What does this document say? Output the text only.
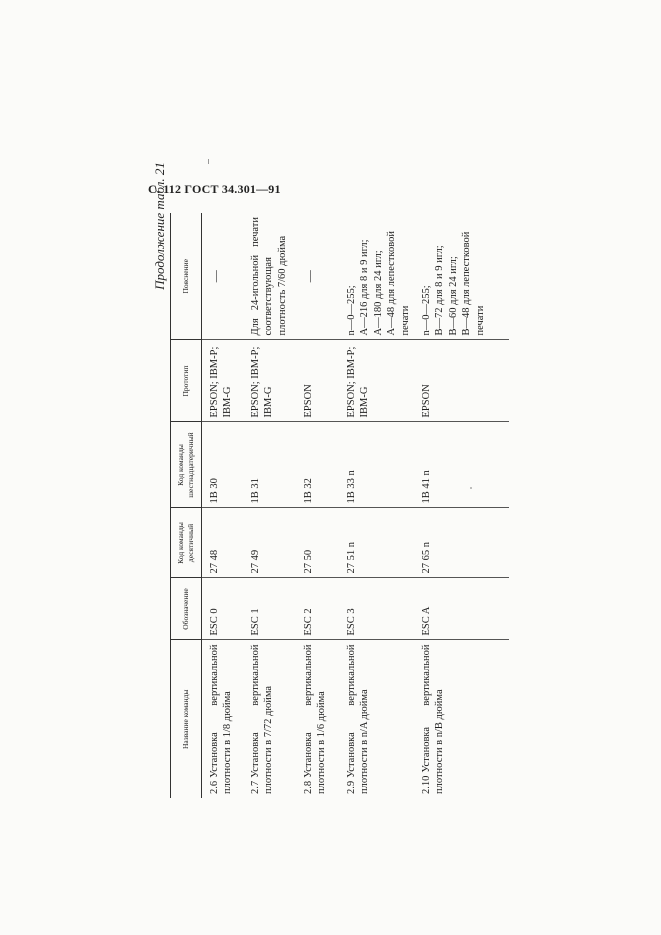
С. 112 ГОСТ 34.301—91
Продолжение табл. 21
Название команды	Обозначение	Код команды десятичный	Код команды шестнадцатеричный	Прототип	Пояснение
2.6Установка вертикальной плотности в 1/8 дюйма	ESC 0	27 48	1B 30	EPSON; IBM-P; IBM-G	—

2.7Установка вертикальной плотности в 7/72 дюйма	ESC 1	27 49	1B 31	EPSON; IBM-P; IBM-G	Для 24-игольной печати соответствующая плотность 7/60 дюйма
2.8Установка вертикальной плотности в 1/6 дюйма	ESC 2	27 50	1B 32	EPSON	—

2.9Установка вертикальной плотности в n/A дюйма	ESC 3	27 51 n	1B 33 n	EPSON; IBM-P; IBM-G	n—0—255; A—216 для 8 и 9 игл; A—180 для 24 игл; A—48 для лепестковой печати

2.10Установка вертикальной плотности в n/B дюйма	ESC A	27 65 n	1B 41 n	EPSON	n—0—255; B—72 для 8 и 9 игл; B—60 для 24 игл; B—48 для лепестковой печати
